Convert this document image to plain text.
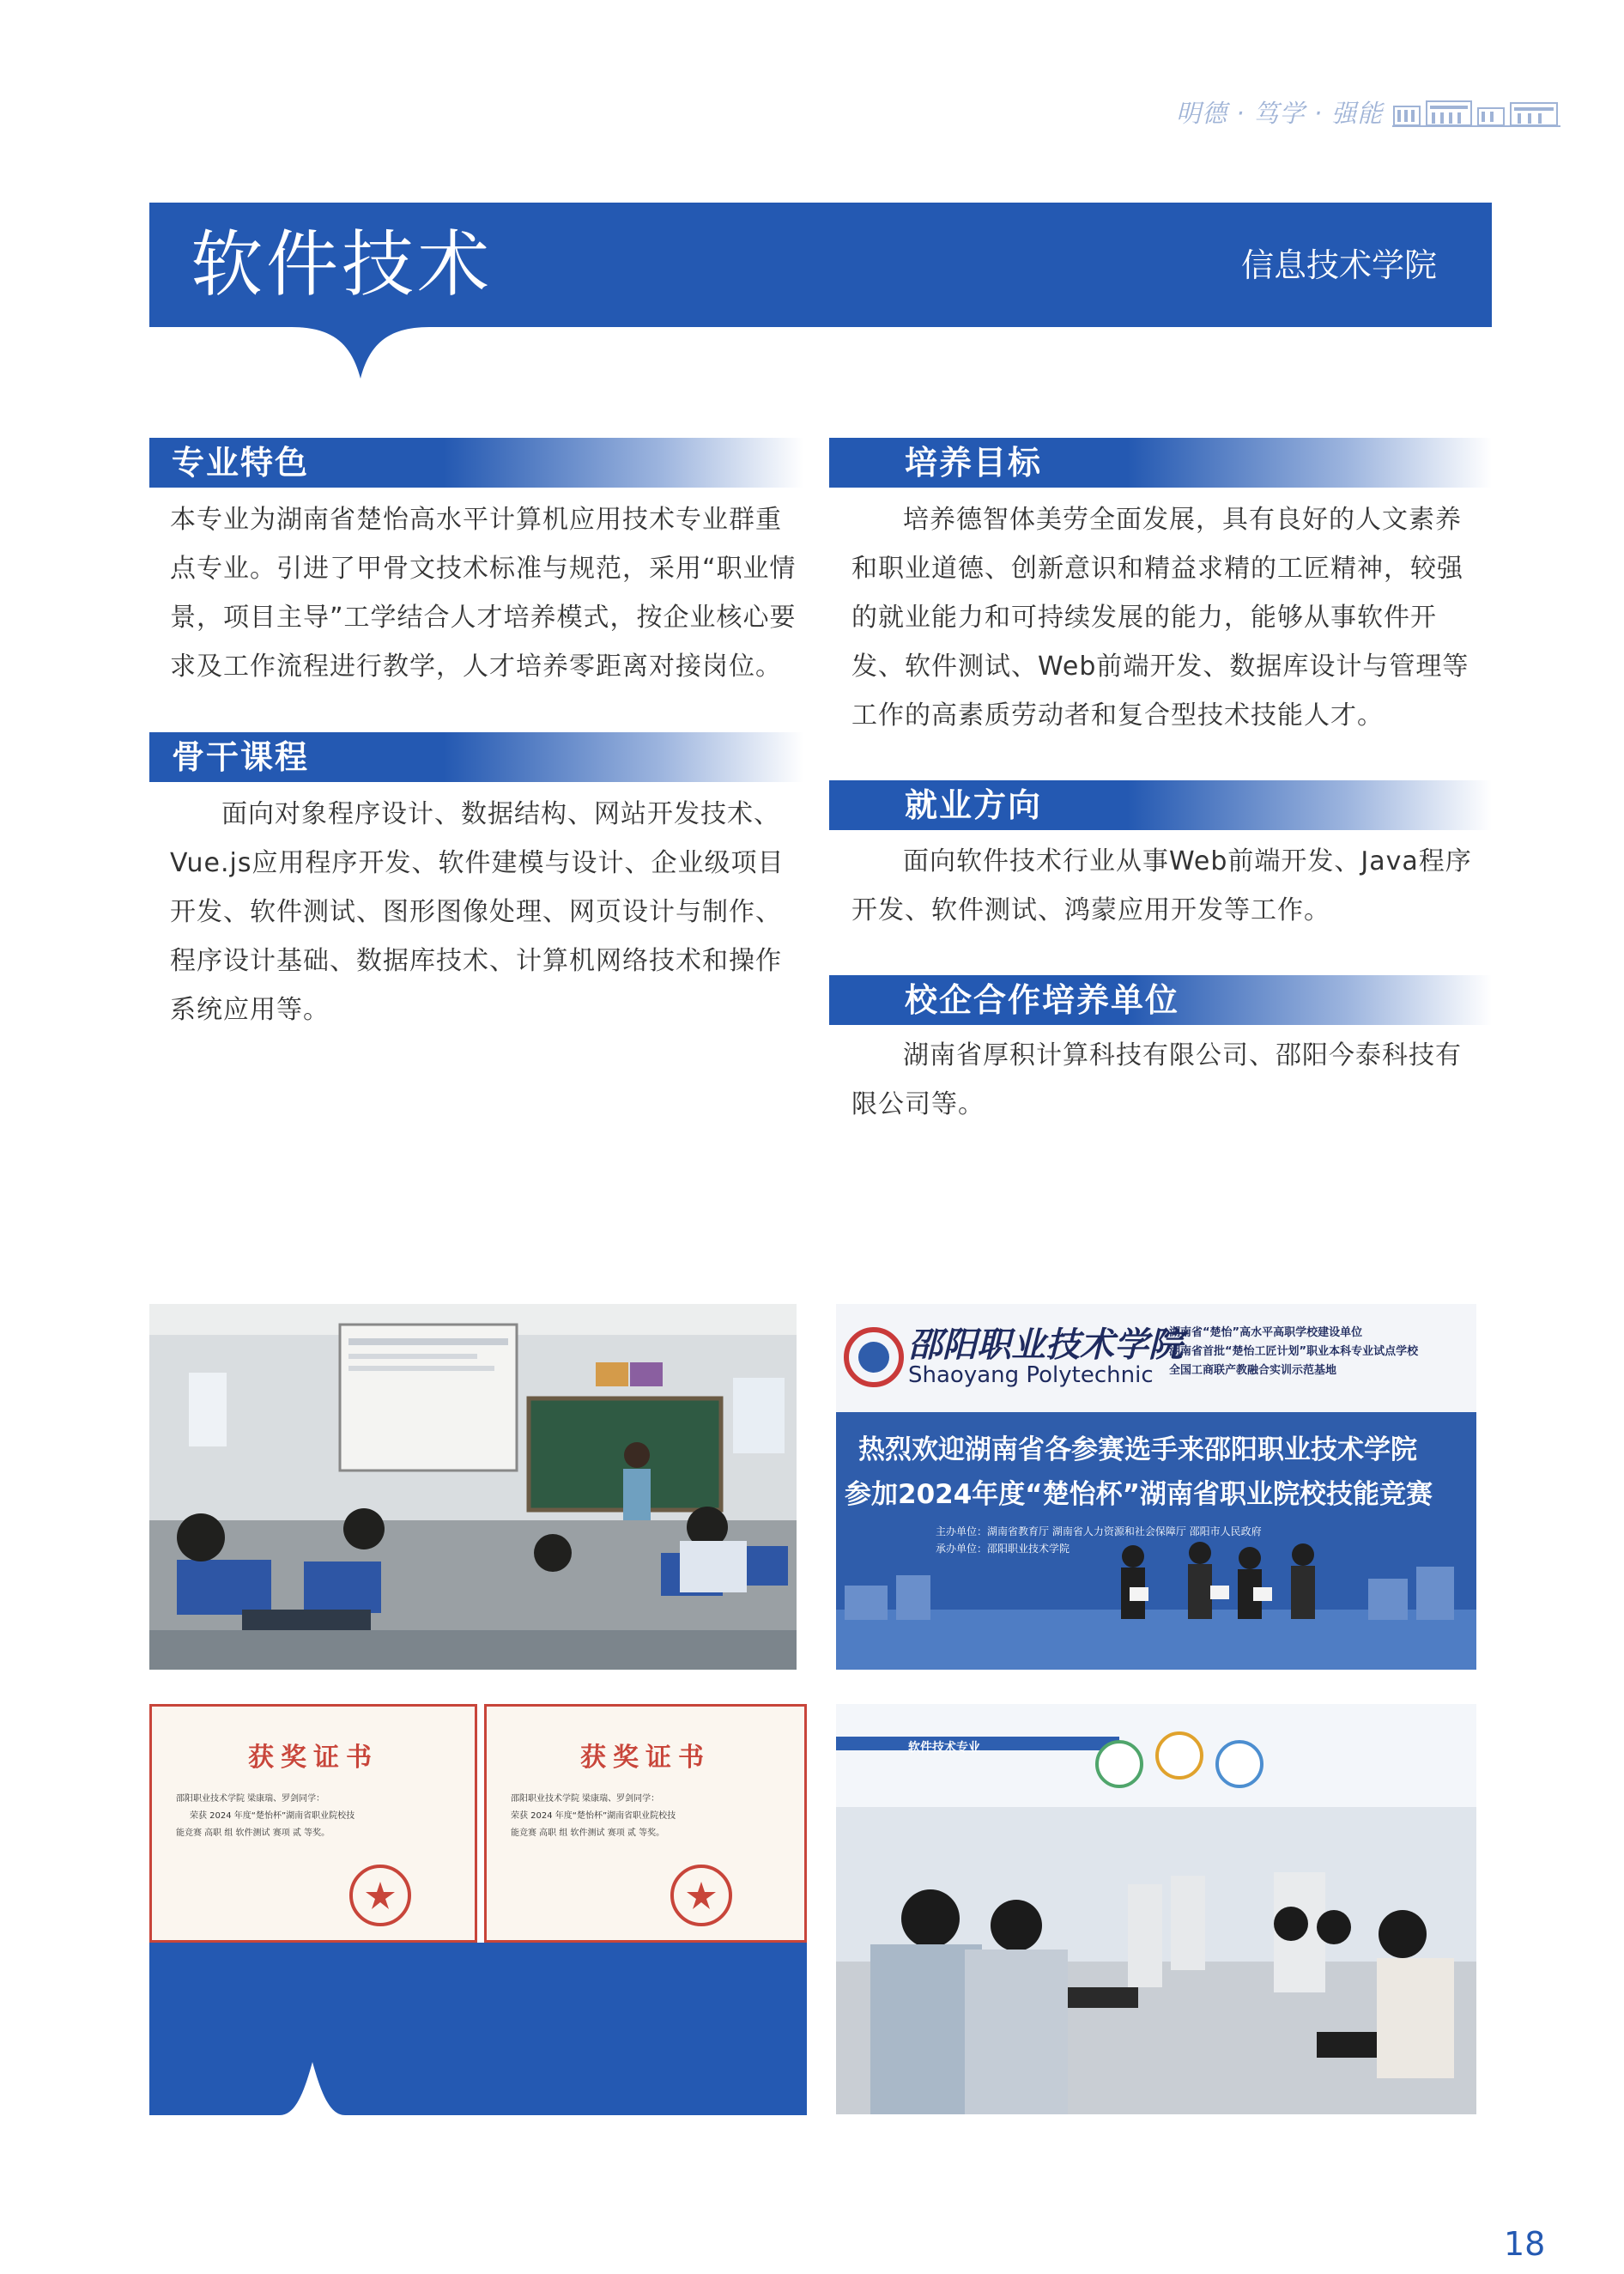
明德 · 笃学 · 强能
软件技术	信息技术学院
专业特色

本专业为湖南省楚怡高水平计算机应用技术专业群重点专业。引进了甲骨文技术标准与规范，采用“职业情景，项目主导”工学结合人才培养模式，按企业核心要求及工作流程进行教学，人才培养零距离对接岗位。

骨干课程

面向对象程序设计、数据结构、网站开发技术、Vue.js应用程序开发、软件建模与设计、企业级项目开发、软件测试、图形图像处理、网页设计与制作、程序设计基础、数据库技术、计算机网络技术和操作系统应用等。

培养目标

培养德智体美劳全面发展，具有良好的人文素养和职业道德、创新意识和精益求精的工匠精神，较强的就业能力和可持续发展的能力，能够从事软件开发、软件测试、Web前端开发、数据库设计与管理等工作的高素质劳动者和复合型技术技能人才。

就业方向

面向软件技术行业从事Web前端开发、Java程序开发、软件测试、鸿蒙应用开发等工作。

校企合作培养单位

湖南省厚积计算科技有限公司、邵阳今泰科技有限公司等。

邵阳职业技术学院
Shaoyang Polytechnic
湖南省“楚怡”高水平高职学校建设单位
湖南省首批“楚怡工匠计划”职业本科专业试点学校
全国工商联产教融合实训示范基地
热烈欢迎湖南省各参赛选手来邵阳职业技术学院
参加2024年度“楚怡杯”湖南省职业院校技能竞赛
主办单位：湖南省教育厅 湖南省人力资源和社会保障厅 邵阳市人民政府
承办单位：邵阳职业技术学院
获奖证书
邵阳职业技术学院 梁康瑞、罗剑同学：
荣获 2024 年度“楚怡杯”湖南省职业院校技
能竞赛 高职 组 软件测试 赛项 贰 等奖。
获奖证书
邵阳职业技术学院 梁康瑞、罗剑同学：
荣获 2024 年度“楚怡杯”湖南省职业院校技
能竞赛 高职 组 软件测试 赛项 贰 等奖。
软件技术专业
18
